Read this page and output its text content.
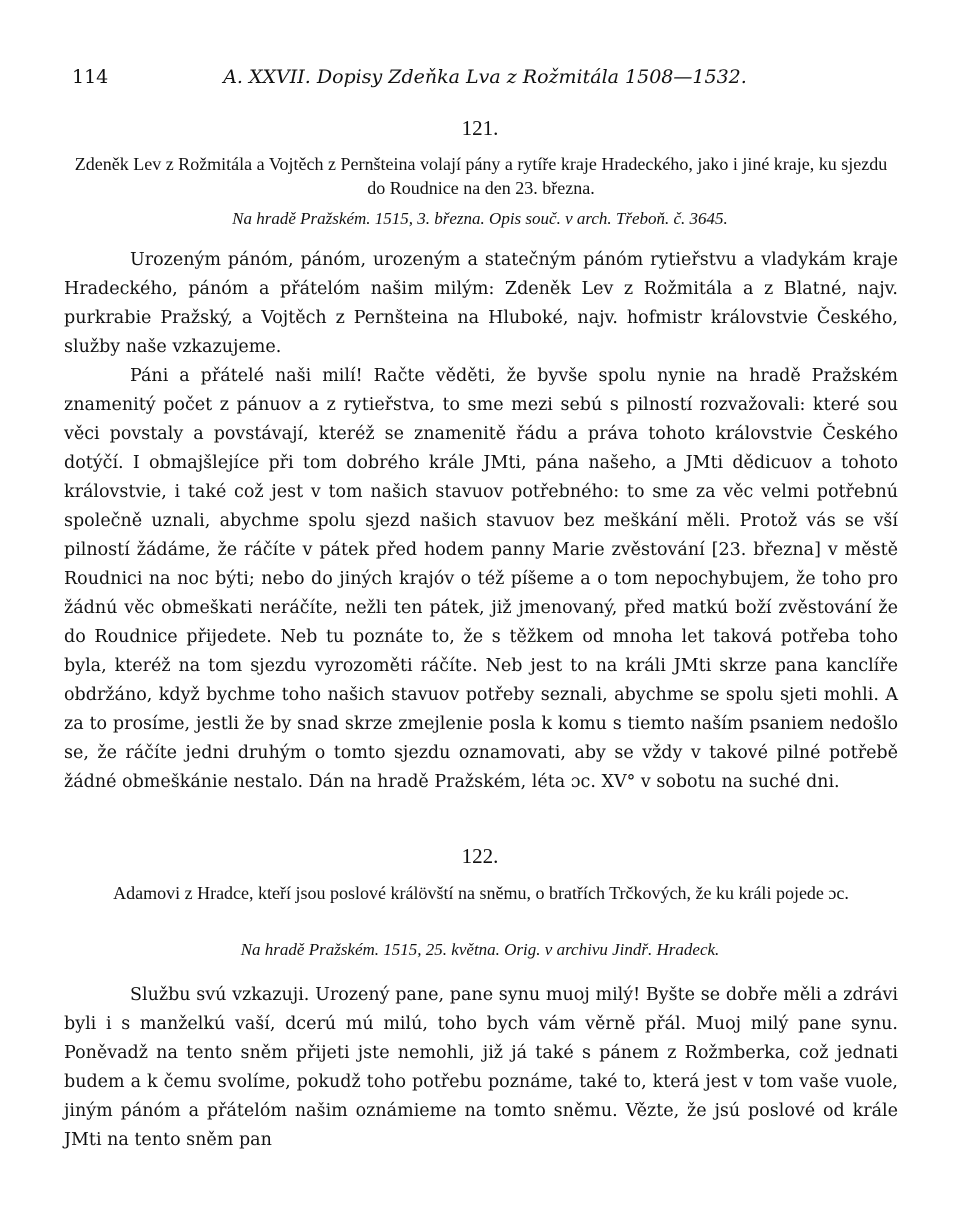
114	A. XXVII. Dopisy Zdeňka Lva z Rožmitála 1508—1532.
121.
Zdeněk Lev z Rožmitála a Vojtěch z Pernšteina volají pány a rytíře kraje Hradeckého, jako i jiné kraje, ku sjezdu do Roudnice na den 23. března.
Na hradě Pražském. 1515, 3. března. Opis souč. v arch. Třeboň. č. 3645.

Urozeným pánóm, pánóm, urozeným a statečným pánóm rytieřstvu a vladykám kraje Hradeckého, pánóm a přátelóm našim milým: Zdeněk Lev z Rožmitála a z Blatné, najv. purkrabie Pražský, a Vojtěch z Pernšteina na Hluboké, najv. hofmistr královstvie Českého, služby naše vzkazujeme.

Páni a přátelé naši milí! Račte věděti, že byvše spolu nynie na hradě Pražském znamenitý počet z pánuov a z rytieřstva, to sme mezi sebú s pilností rozvažovali: které sou věci povstaly a povstávají, kteréž se znamenitě řádu a práva tohoto královstvie Českého dotýčí. I obmajšlejíce při tom dobrého krále JMti, pána našeho, a JMti dědicuov a tohoto královstvie, i také což jest v tom našich stavuov potřebného: to sme za věc velmi potřebnú společně uznali, abychme spolu sjezd našich stavuov bez meškání měli. Protož vás se vší pilností žádáme, že ráčíte v pátek před hodem panny Marie zvěstování [23. března] v městě Roudnici na noc býti; nebo do jiných krajóv o též píšeme a o tom nepochybujem, že toho pro žádnú věc obmeškati neráčíte, nežli ten pátek, již jmenovaný, před matkú boží zvěstování že do Roudnice přijedete. Neb tu poznáte to, že s těžkem od mnoha let taková potřeba toho byla, kteréž na tom sjezdu vyrozoměti ráčíte. Neb jest to na králi JMti skrze pana kanclíře obdržáno, když bychme toho našich stavuov potřeby seznali, abychme se spolu sjeti mohli. A za to prosíme, jestli že by snad skrze zmejlenie posla k komu s tiemto naším psaniem nedošlo se, že ráčíte jedni druhým o tomto sjezdu oznamovati, aby se vždy v takové pilné potřebě žádné obmeškánie nestalo. Dán na hradě Pražském, léta ɔc. XV° v sobotu na suché dni.

122.
Adamovi z Hradce, kteří jsou poslové králövští na sněmu, o bratřích Trčkových, že ku králi pojede ɔc.
Na hradě Pražském. 1515, 25. května. Orig. v archivu Jindř. Hradeck.

Službu svú vzkazuji. Urozený pane, pane synu muoj milý! Byšte se dobře měli a zdrávi byli i s manželkú vaší, dcerú mú milú, toho bych vám věrně přál. Muoj milý pane synu. Poněvadž na tento sněm přijeti jste nemohli, již já také s pánem z Rožmberka, což jednati budem a k čemu svolíme, pokudž toho potřebu poznáme, také to, která jest v tom vaše vuole, jiným pánóm a přátelóm našim oznámieme na tomto sněmu. Vězte, že jsú poslové od krále JMti na tento sněm pan
